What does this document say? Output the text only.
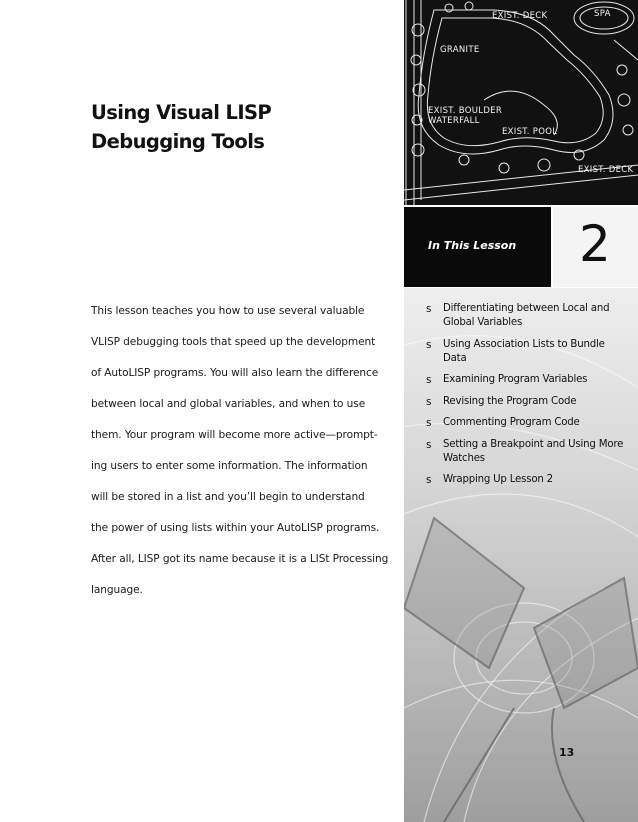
Using Visual LISP
Debugging Tools
This lesson teaches you how to use several valuable
VLISP debugging tools that speed up the development
of AutoLISP programs. You will also learn the difference
between local and global variables, and when to use
them. Your program will become more active—prompt-
ing users to enter some information. The information
will be stored in a list and you’ll begin to understand
the power of using lists within your AutoLISP programs.
After all, LISP got its name because it is a LISt Processing
language.
EXIST. DECK	SPA
GRANITE
EXIST. BOULDER
WATERFALL
EXIST. POOL
EXIST. DECK
In This Lesson 2
s Differentiating between Local and Global Variables
s Using Association Lists to Bundle Data
s Examining Program Variables
s Revising the Program Code
s Commenting Program Code
s Setting a Breakpoint and Using More Watches
s Wrapping Up Lesson 2
13
